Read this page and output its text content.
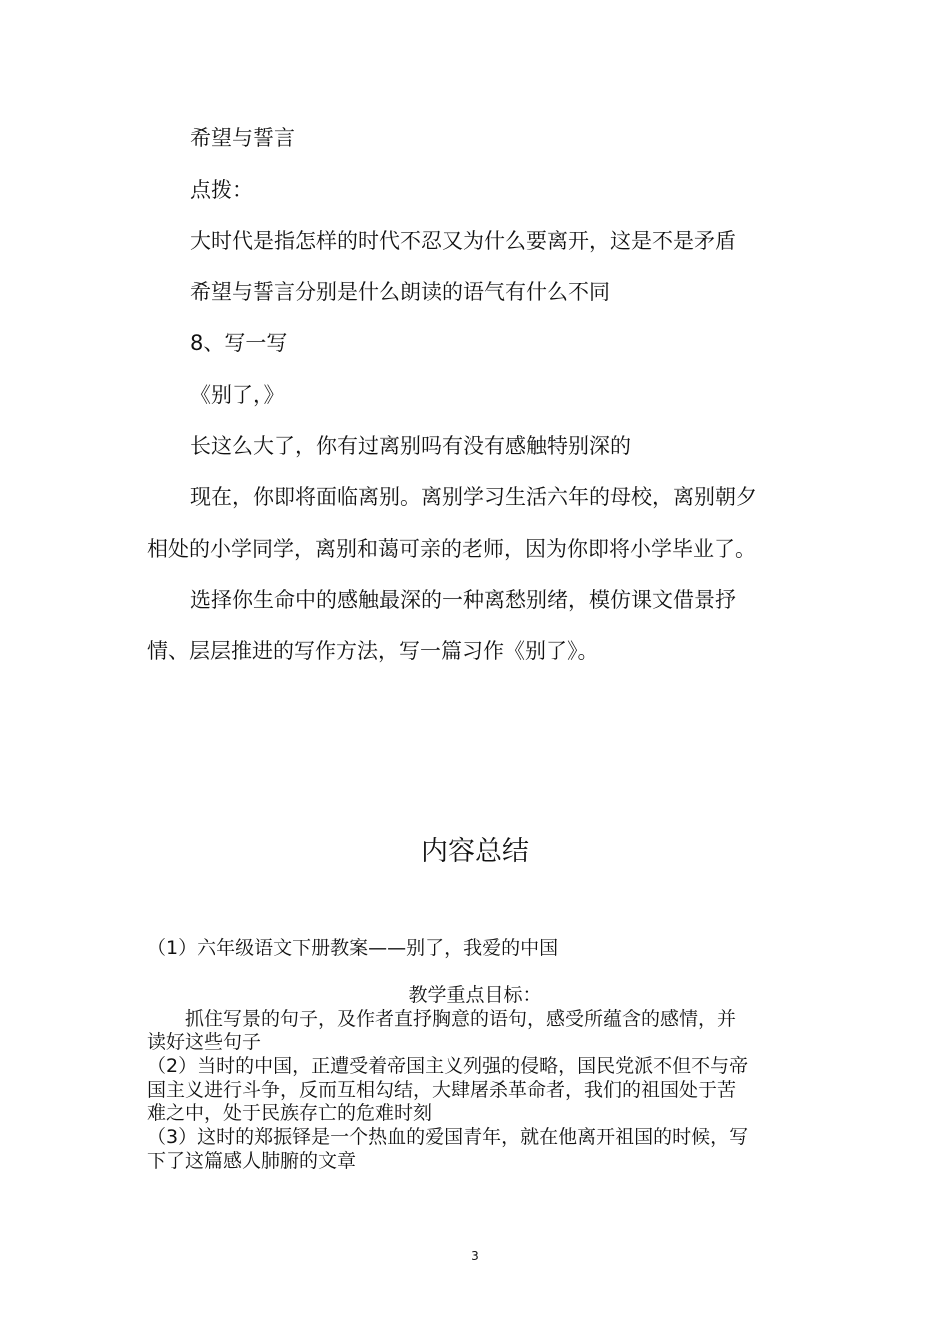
希望与誓言
点拨：
大时代是指怎样的时代不忍又为什么要离开，这是不是矛盾
希望与誓言分别是什么朗读的语气有什么不同
8、写一写
《别了，》
长这么大了，你有过离别吗有没有感触特别深的
现在，你即将面临离别。离别学习生活六年的母校，离别朝夕
相处的小学同学，离别和蔼可亲的老师，因为你即将小学毕业了。
选择你生命中的感触最深的一种离愁别绪，模仿课文借景抒
情、层层推进的写作方法，写一篇习作《别了》。
内容总结
（1）六年级语文下册教案——别了，我爱的中国
教学重点目标：
抓住写景的句子，及作者直抒胸意的语句，感受所蕴含的感情，并
读好这些句子
（2）当时的中国，正遭受着帝国主义列强的侵略，国民党派不但不与帝
国主义进行斗争，反而互相勾结，大肆屠杀革命者，我们的祖国处于苦
难之中，处于民族存亡的危难时刻
（3）这时的郑振铎是一个热血的爱国青年，就在他离开祖国的时候，写
下了这篇感人肺腑的文章
3
